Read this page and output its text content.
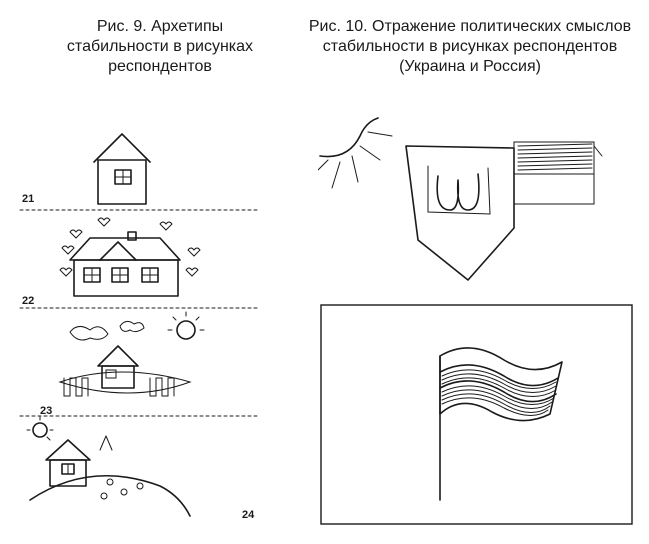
Рис. 9. Архетипы
стабильности в рисунках
респондентов
Рис. 10. Отражение политических смыслов
стабильности в рисунках респондентов
(Украина и Россия)
21
22
23
24
